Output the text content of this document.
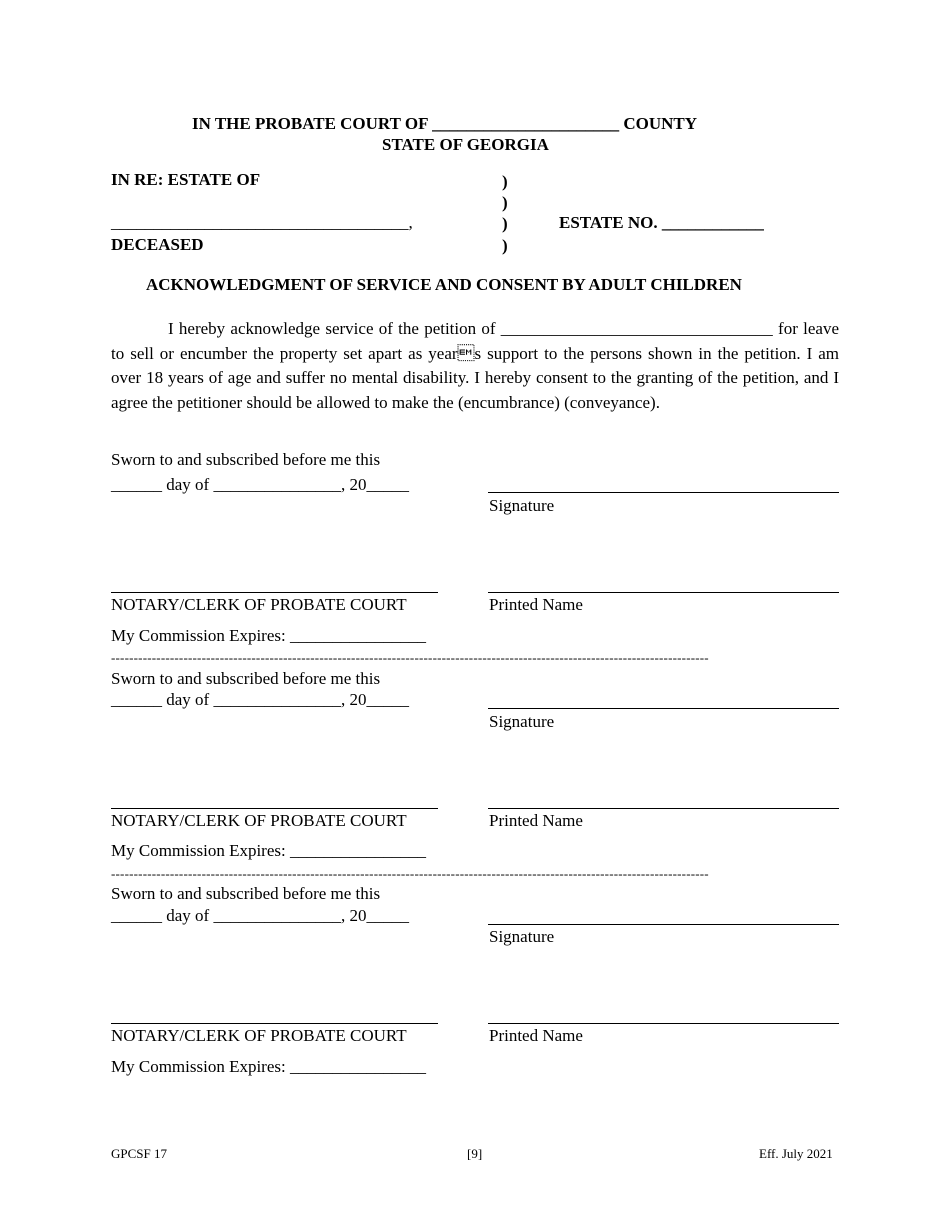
IN THE PROBATE COURT OF ______________________ COUNTY
STATE OF GEORGIA
IN RE: ESTATE OF
___________________________________,
DECEASED
)
)
)
)
ESTATE NO. ____________
ACKNOWLEDGMENT OF SERVICE AND CONSENT BY ADULT CHILDREN

I hereby acknowledge service of the petition of ________________________________ for leave to sell or encumber the property set apart as years support to the persons shown in the petition. I am over 18 years of age and suffer no mental disability. I hereby consent to the granting of the petition, and I agree the petitioner should be allowed to make the (encumbrance) (conveyance).

Sworn to and subscribed before me this
______ day of _______________, 20_____
Signature
NOTARY/CLERK OF PROBATE COURT	Printed Name
My Commission Expires: ________________
------------------------------------------------------------------------------------------------------------------------------------
Sworn to and subscribed before me this
______ day of _______________, 20_____
Signature
NOTARY/CLERK OF PROBATE COURT	Printed Name
My Commission Expires: ________________
------------------------------------------------------------------------------------------------------------------------------------
Sworn to and subscribed before me this
______ day of _______________, 20_____
Signature
NOTARY/CLERK OF PROBATE COURT	Printed Name
My Commission Expires: ________________
GPCSF 17	[9]	Eff. July 2021
